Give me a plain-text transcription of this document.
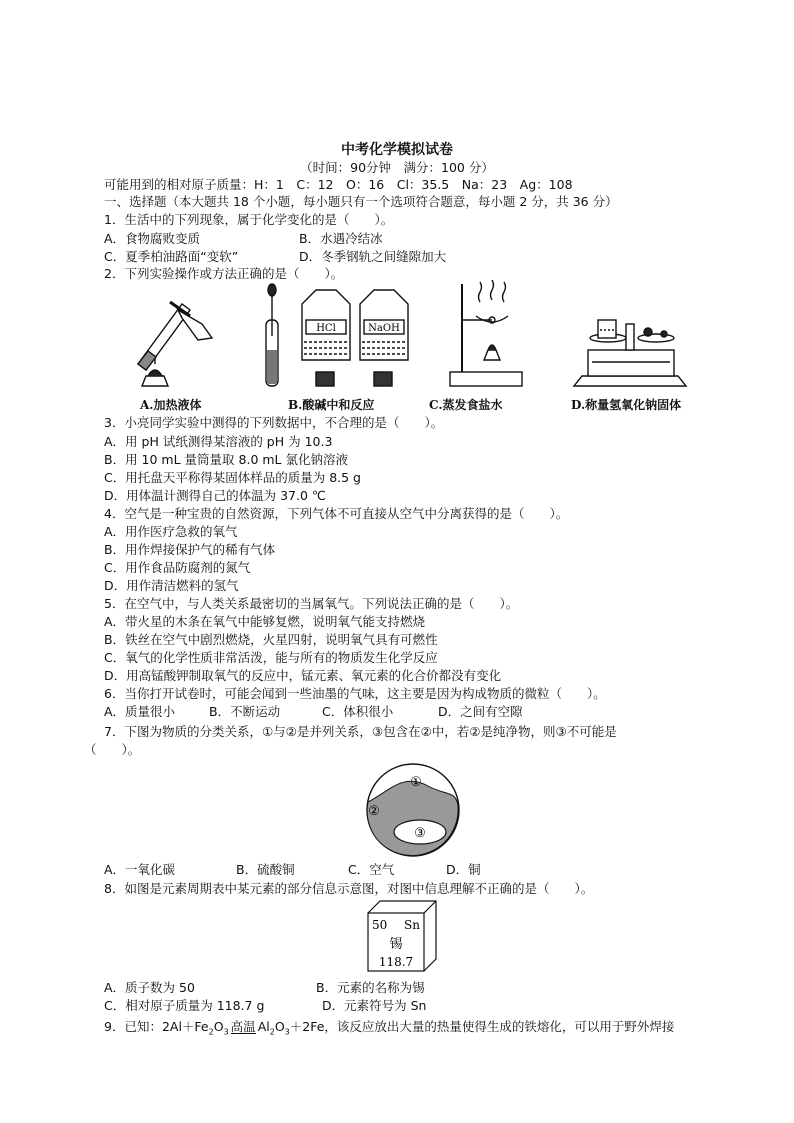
中考化学模拟试卷
（时间：90分钟　满分：100 分）
可能用到的相对原子质量：H：1　C：12　O：16　Cl：35.5　Na：23　Ag：108
一、选择题（本大题共 18 个小题，每小题只有一个选项符合题意，每小题 2 分，共 36 分）
1．生活中的下列现象，属于化学变化的是（　　）。
A．食物腐败变质	B．水遇冷结冰
C．夏季柏油路面“变软”	D．冬季钢轨之间缝隙加大
2．下列实验操作或方法正确的是（　　）。
HCl	NaOH
A.加热液体	B.酸碱中和反应	C.蒸发食盐水	D.称量氢氧化钠固体
3．小亮同学实验中测得的下列数据中，不合理的是（　　）。
A．用 pH 试纸测得某溶液的 pH 为 10.3
B．用 10 mL 量筒量取 8.0 mL 氯化钠溶液
C．用托盘天平称得某固体样品的质量为 8.5 g
D．用体温计测得自己的体温为 37.0 ℃
4．空气是一种宝贵的自然资源，下列气体不可直接从空气中分离获得的是（　　）。
A．用作医疗急救的氧气
B．用作焊接保护气的稀有气体
C．用作食品防腐剂的氮气
D．用作清洁燃料的氢气
5．在空气中，与人类关系最密切的当属氧气。下列说法正确的是（　　）。
A．带火星的木条在氧气中能够复燃，说明氧气能支持燃烧
B．铁丝在空气中剧烈燃烧，火星四射，说明氧气具有可燃性
C．氧气的化学性质非常活泼，能与所有的物质发生化学反应
D．用高锰酸钾制取氧气的反应中，锰元素、氧元素的化合价都没有变化
6．当你打开试卷时，可能会闻到一些油墨的气味，这主要是因为构成物质的微粒（　　）。
A．质量很小	B．不断运动	C．体积很小	D．之间有空隙
7．下图为物质的分类关系，①与②是并列关系，③包含在②中，若②是纯净物，则③不可能是
（　　）。
①
②
③
A．一氧化碳	B．硫酸铜	C．空气	D．铜
8．如图是元素周期表中某元素的部分信息示意图，对图中信息理解不正确的是（　　）。
50 Sn
锡
118.7
A．质子数为 50	B．元素的名称为锡
C．相对原子质量为 118.7 g	D．元素符号为 Sn
9．已知：$2Al+Fe_2O_3$ 高温 $Al_2O_3+2Fe$，该反应放出大量的热量使得生成的铁熔化，可以用于野外焊接
